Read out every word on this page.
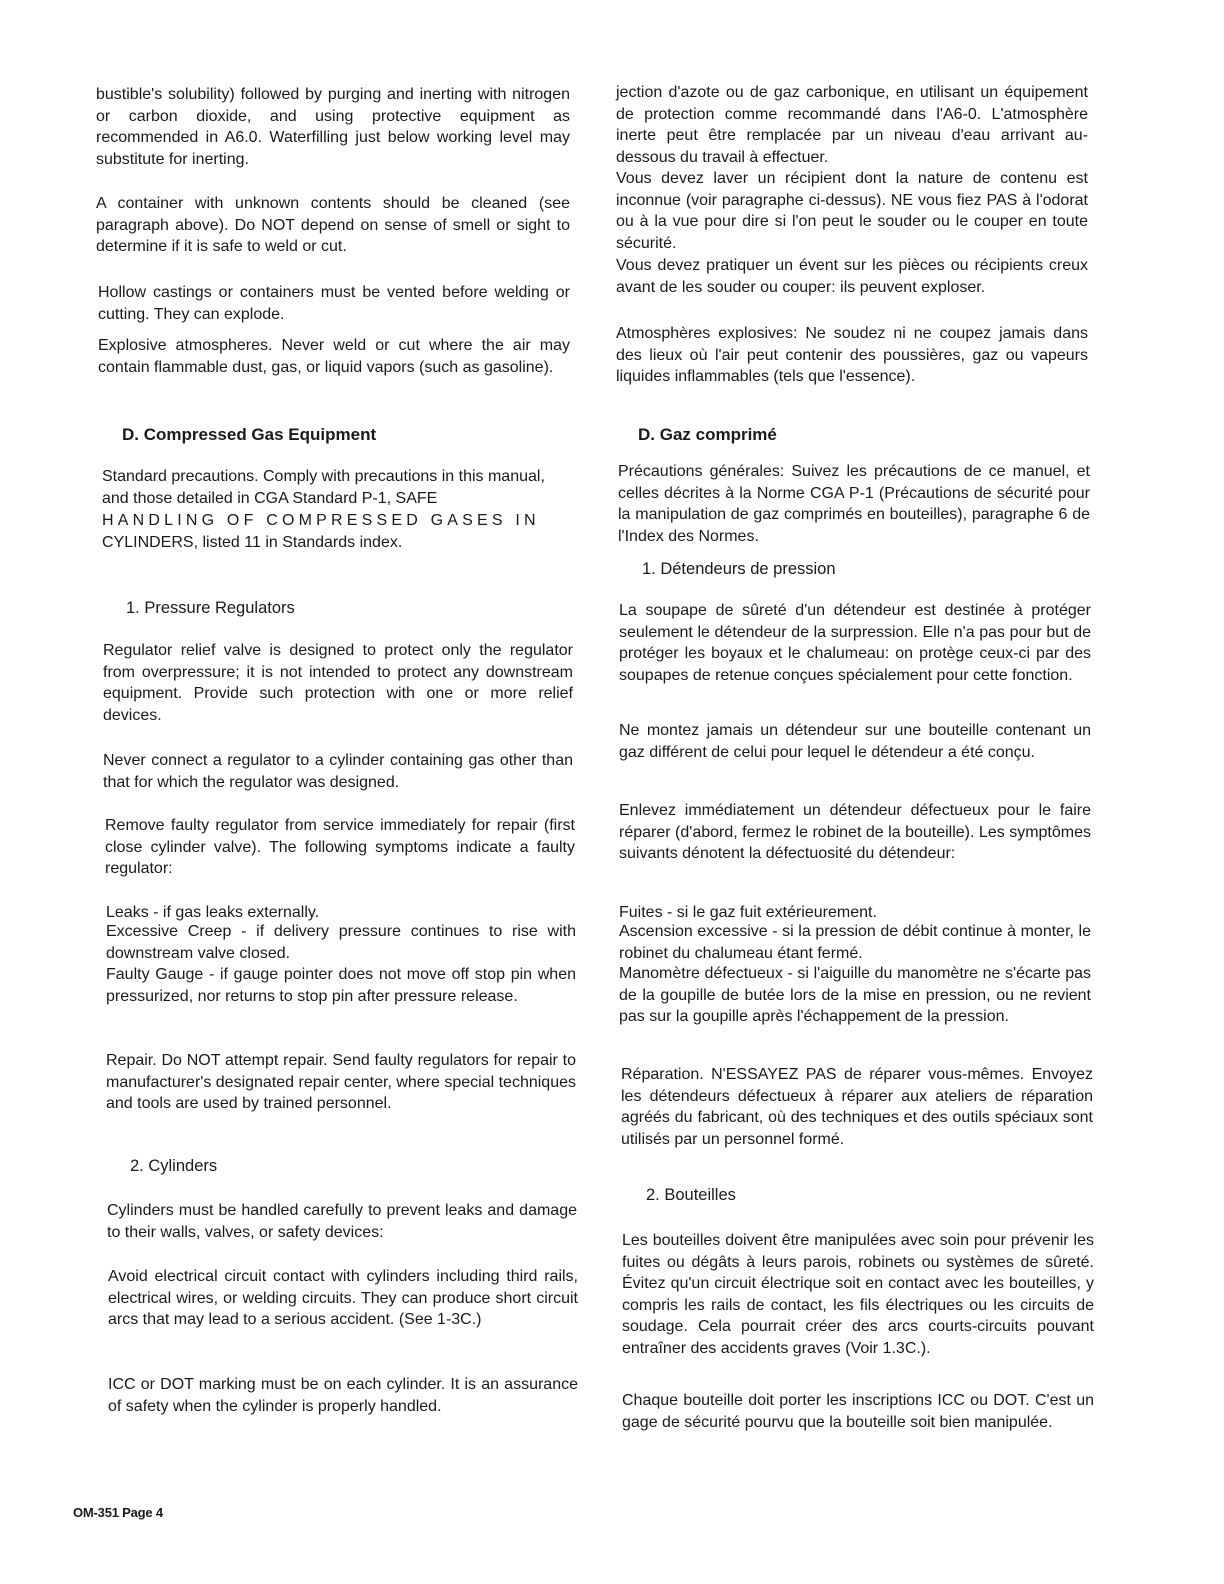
bustible's solubility) followed by purging and inerting with nitrogen or carbon dioxide, and using protective equipment as recommended in A6.0. Waterfilling just below working level may substitute for inerting.

A container with unknown contents should be cleaned (see paragraph above). Do NOT depend on sense of smell or sight to determine if it is safe to weld or cut.

Hollow castings or containers must be vented before welding or cutting. They can explode.

Explosive atmospheres. Never weld or cut where the air may contain flammable dust, gas, or liquid vapors (such as gasoline).

D. Compressed Gas Equipment

Standard precautions. Comply with precautions in this manual, and those detailed in CGA Standard P-1, SAFE

HANDLING OF COMPRESSED GASES IN

CYLINDERS, listed 11 in Standards index.

1. Pressure Regulators

Regulator relief valve is designed to protect only the regulator from overpressure; it is not intended to protect any downstream equipment. Provide such protection with one or more relief devices.

Never connect a regulator to a cylinder containing gas other than that for which the regulator was designed.

Remove faulty regulator from service immediately for repair (first close cylinder valve). The following symptoms indicate a faulty regulator:

Leaks - if gas leaks externally.

Excessive Creep - if delivery pressure continues to rise with downstream valve closed.

Faulty Gauge - if gauge pointer does not move off stop pin when pressurized, nor returns to stop pin after pressure release.

Repair. Do NOT attempt repair. Send faulty regulators for repair to manufacturer's designated repair center, where special techniques and tools are used by trained personnel.

2. Cylinders

Cylinders must be handled carefully to prevent leaks and damage to their walls, valves, or safety devices:

Avoid electrical circuit contact with cylinders including third rails, electrical wires, or welding circuits. They can produce short circuit arcs that may lead to a serious accident. (See 1-3C.)

ICC or DOT marking must be on each cylinder. It is an assurance of safety when the cylinder is properly handled.

jection d'azote ou de gaz carbonique, en utilisant un équipement de protection comme recommandé dans l'A6-0. L'atmosphère inerte peut être remplacée par un niveau d'eau arrivant au-dessous du travail à effectuer.

Vous devez laver un récipient dont la nature de contenu est inconnue (voir paragraphe ci-dessus). NE vous fiez PAS à l'odorat ou à la vue pour dire si l'on peut le souder ou le couper en toute sécurité.

Vous devez pratiquer un évent sur les pièces ou récipients creux avant de les souder ou couper: ils peuvent exploser.

Atmosphères explosives: Ne soudez ni ne coupez jamais dans des lieux où l'air peut contenir des poussières, gaz ou vapeurs liquides inflammables (tels que l'essence).

D. Gaz comprimé

Précautions générales: Suivez les précautions de ce manuel, et celles décrites à la Norme CGA P-1 (Précautions de sécurité pour la manipulation de gaz comprimés en bouteilles), paragraphe 6 de l'Index des Normes.

1. Détendeurs de pression

La soupape de sûreté d'un détendeur est destinée à protéger seulement le détendeur de la surpression. Elle n'a pas pour but de protéger les boyaux et le chalumeau: on protège ceux-ci par des soupapes de retenue conçues spécialement pour cette fonction.

Ne montez jamais un détendeur sur une bouteille contenant un gaz différent de celui pour lequel le détendeur a été conçu.

Enlevez immédiatement un détendeur défectueux pour le faire réparer (d'abord, fermez le robinet de la bouteille). Les symptômes suivants dénotent la défectuosité du détendeur:

Fuites - si le gaz fuit extérieurement.

Ascension excessive - si la pression de débit continue à monter, le robinet du chalumeau étant fermé.

Manomètre défectueux - si l'aiguille du manomètre ne s'écarte pas de la goupille de butée lors de la mise en pression, ou ne revient pas sur la goupille après l'échappement de la pression.

Réparation. N'ESSAYEZ PAS de réparer vous-mêmes. Envoyez les détendeurs défectueux à réparer aux ateliers de réparation agréés du fabricant, où des techniques et des outils spéciaux sont utilisés par un personnel formé.

2. Bouteilles

Les bouteilles doivent être manipulées avec soin pour prévenir les fuites ou dégâts à leurs parois, robinets ou systèmes de sûreté. Évitez qu'un circuit électrique soit en contact avec les bouteilles, y compris les rails de contact, les fils électriques ou les circuits de soudage. Cela pourrait créer des arcs courts-circuits pouvant entraîner des accidents graves (Voir 1.3C.).

Chaque bouteille doit porter les inscriptions ICC ou DOT. C'est un gage de sécurité pourvu que la bouteille soit bien manipulée.

OM-351 Page 4
